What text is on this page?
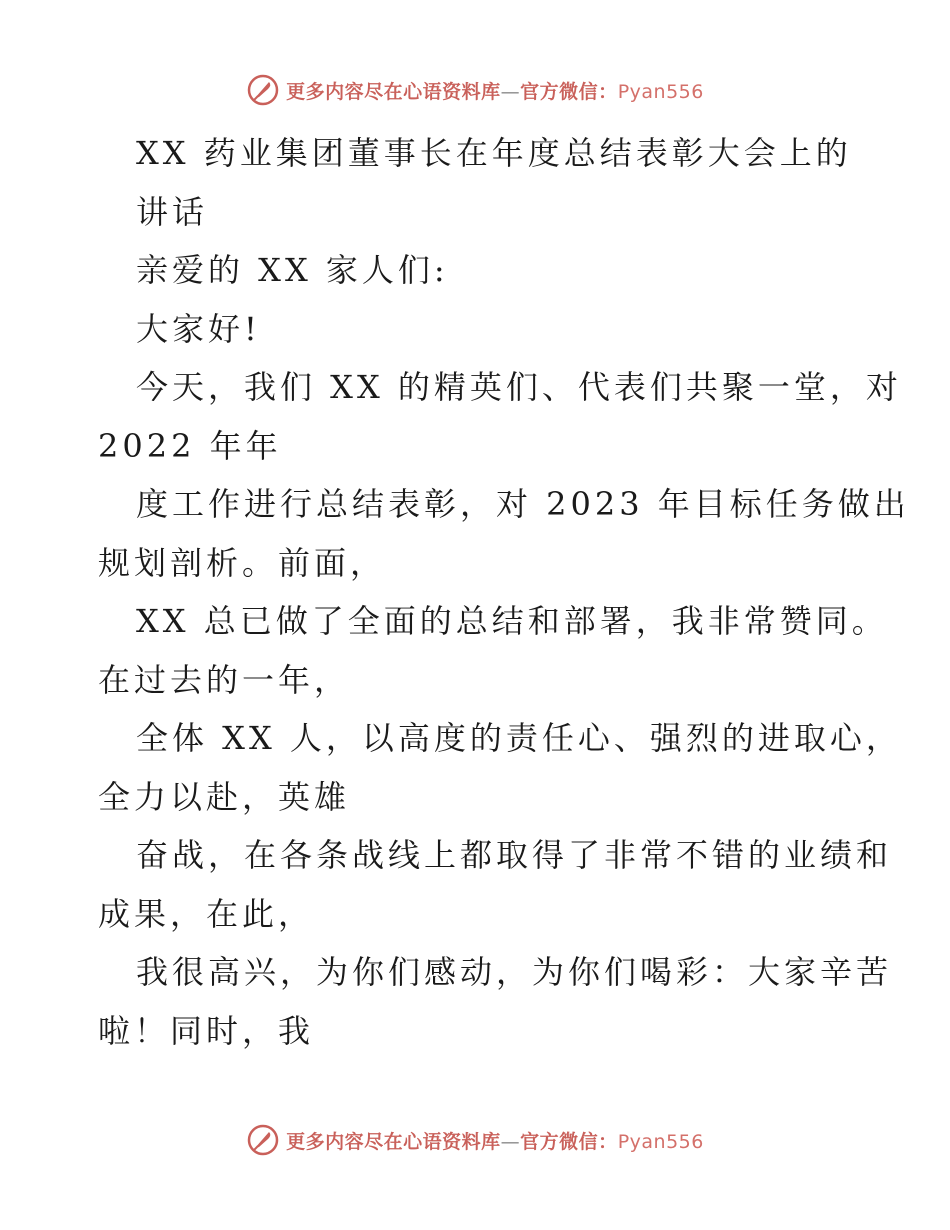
更多内容尽在心语资料库—官方微信：Pyan556
XX 药业集团董事长在年度总结表彰大会上的
讲话
亲爱的 XX 家人们:
大家好!
今天，我们 XX 的精英们、代表们共聚一堂，对
2022 年年
度工作进行总结表彰，对 2023 年目标任务做出
规划剖析。前面，
XX 总已做了全面的总结和部署，我非常赞同。
在过去的一年，
全体 XX 人，以高度的责任心、强烈的进取心，
全力以赴，英雄
奋战，在各条战线上都取得了非常不错的业绩和
成果，在此，
我很高兴，为你们感动，为你们喝彩：大家辛苦
啦！同时，我
更多内容尽在心语资料库—官方微信：Pyan556
